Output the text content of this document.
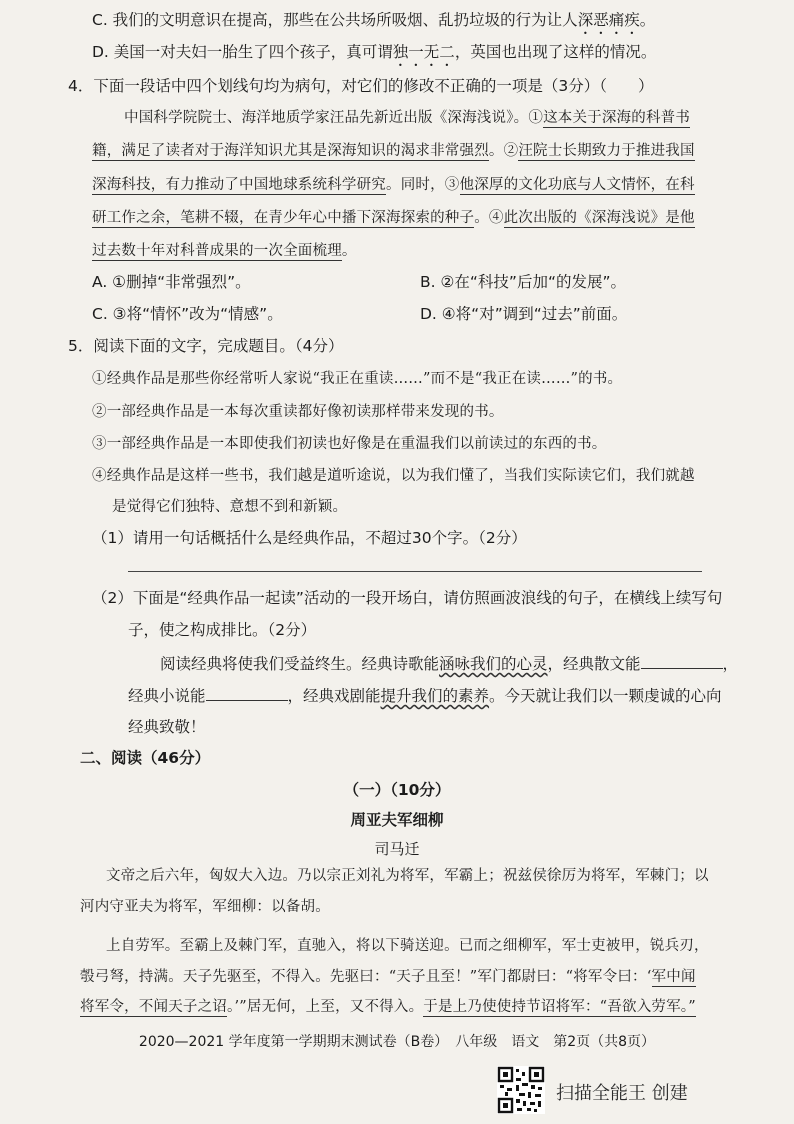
C. 我们的文明意识在提高，那些在公共场所吸烟、乱扔垃圾的行为让人深恶痛疾。
D. 美国一对夫妇一胎生了四个孩子，真可谓独一无二，英国也出现了这样的情况。
4．下面一段话中四个划线句均为病句，对它们的修改不正确的一项是（3分）（　　）
中国科学院院士、海洋地质学家汪品先新近出版《深海浅说》。①这本关于深海的科普书
籍，满足了读者对于海洋知识尤其是深海知识的渴求非常强烈。②汪院士长期致力于推进我国
深海科技，有力推动了中国地球系统科学研究。同时，③他深厚的文化功底与人文情怀，在科
研工作之余，笔耕不辍，在青少年心中播下深海探索的种子。④此次出版的《深海浅说》是他
过去数十年对科普成果的一次全面梳理。
A. ①删掉“非常强烈”。	B. ②在“科技”后加“的发展”。
C. ③将“情怀”改为“情感”。	D. ④将“对”调到“过去”前面。
5．阅读下面的文字，完成题目。（4分）
①经典作品是那些你经常听人家说“我正在重读……”而不是“我正在读……”的书。
②一部经典作品是一本每次重读都好像初读那样带来发现的书。
③一部经典作品是一本即使我们初读也好像是在重温我们以前读过的东西的书。
④经典作品是这样一些书，我们越是道听途说，以为我们懂了，当我们实际读它们，我们就越
是觉得它们独特、意想不到和新颖。
（1）请用一句话概括什么是经典作品，不超过30个字。（2分）
（2）下面是“经典作品一起读”活动的一段开场白，请仿照画波浪线的句子，在横线上续写句
子，使之构成排比。（2分）
阅读经典将使我们受益终生。经典诗歌能涵咏我们的心灵，经典散文能	，
经典小说能	，经典戏剧能提升我们的素养。今天就让我们以一颗虔诚的心向
经典致敬！
二、阅读（46分）
（一）（10分）
周亚夫军细柳
司马迁
文帝之后六年，匈奴大入边。乃以宗正刘礼为将军，军霸上；祝兹侯徐厉为将军，军棘门；以
河内守亚夫为将军，军细柳：以备胡。
上自劳军。至霸上及棘门军，直驰入，将以下骑送迎。已而之细柳军，军士吏被甲，锐兵刃，
彀弓弩，持满。天子先驱至，不得入。先驱曰：“天子且至！”军门都尉曰：“将军令曰：‘军中闻
将军令，不闻天子之诏。’”居无何，上至，又不得入。于是上乃使使持节诏将军：“吾欲入劳军。”
2020—2021 学年度第一学期期末测试卷（B卷）　八年级　语文　第2页（共8页）
扫描全能王 创建
